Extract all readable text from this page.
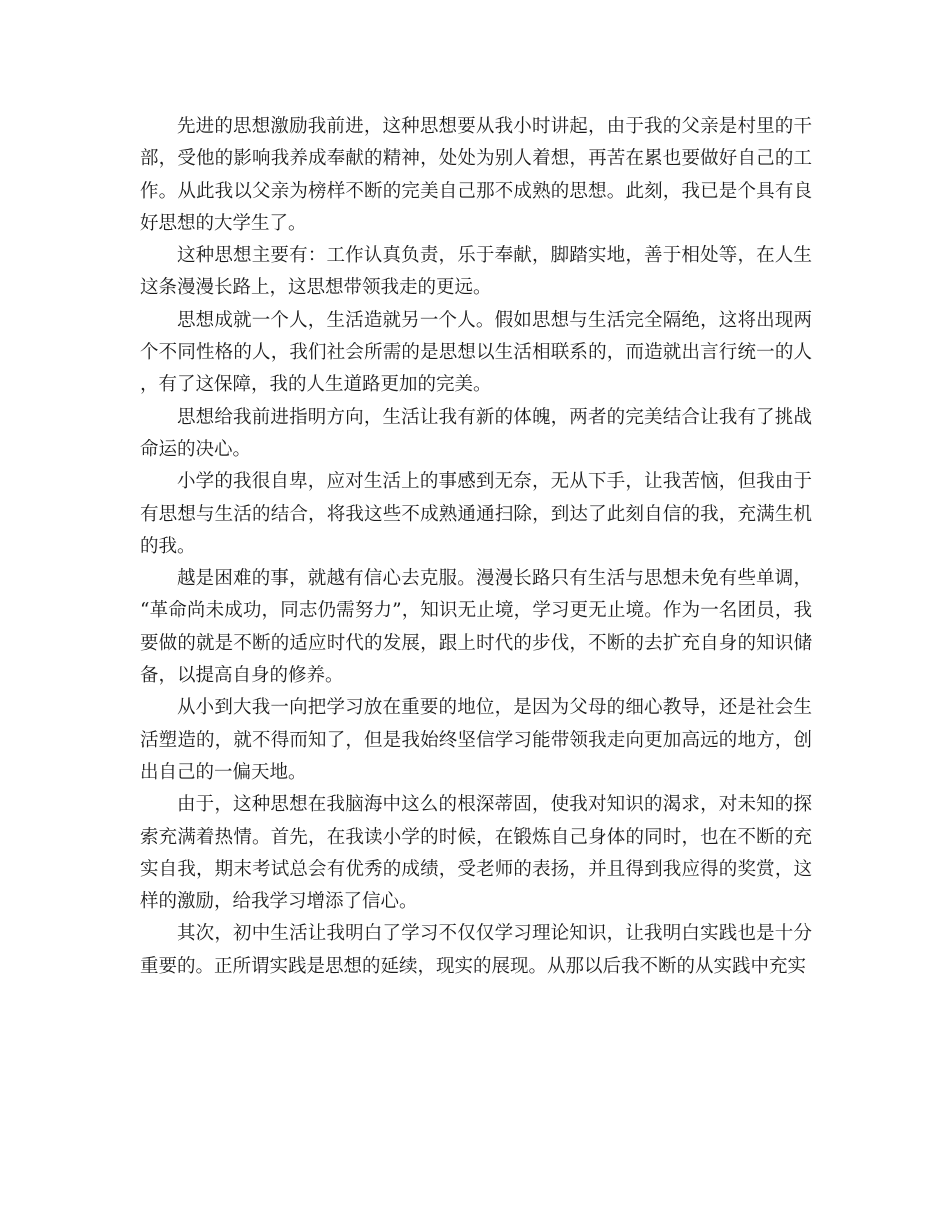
先进的思想激励我前进，这种思想要从我小时讲起，由于我的父亲是村里的干部，受他的影响我养成奉献的精神，处处为别人着想，再苦在累也要做好自己的工作。从此我以父亲为榜样不断的完美自己那不成熟的思想。此刻，我已是个具有良好思想的大学生了。

这种思想主要有：工作认真负责，乐于奉献，脚踏实地，善于相处等，在人生这条漫漫长路上，这思想带领我走的更远。

思想成就一个人，生活造就另一个人。假如思想与生活完全隔绝，这将出现两个不同性格的人，我们社会所需的是思想以生活相联系的，而造就出言行统一的人，有了这保障，我的人生道路更加的完美。

思想给我前进指明方向，生活让我有新的体魄，两者的完美结合让我有了挑战命运的决心。

小学的我很自卑，应对生活上的事感到无奈，无从下手，让我苦恼，但我由于有思想与生活的结合，将我这些不成熟通通扫除，到达了此刻自信的我，充满生机的我。

越是困难的事，就越有信心去克服。漫漫长路只有生活与思想未免有些单调，“革命尚未成功，同志仍需努力”，知识无止境，学习更无止境。作为一名团员，我要做的就是不断的适应时代的发展，跟上时代的步伐，不断的去扩充自身的知识储备，以提高自身的修养。

从小到大我一向把学习放在重要的地位，是因为父母的细心教导，还是社会生活塑造的，就不得而知了，但是我始终坚信学习能带领我走向更加高远的地方，创出自己的一偏天地。

由于，这种思想在我脑海中这么的根深蒂固，使我对知识的渴求，对未知的探索充满着热情。首先，在我读小学的时候，在锻炼自己身体的同时，也在不断的充实自我，期末考试总会有优秀的成绩，受老师的表扬，并且得到我应得的奖赏，这样的激励，给我学习增添了信心。

其次，初中生活让我明白了学习不仅仅学习理论知识，让我明白实践也是十分重要的。正所谓实践是思想的延续，现实的展现。从那以后我不断的从实践中充实
